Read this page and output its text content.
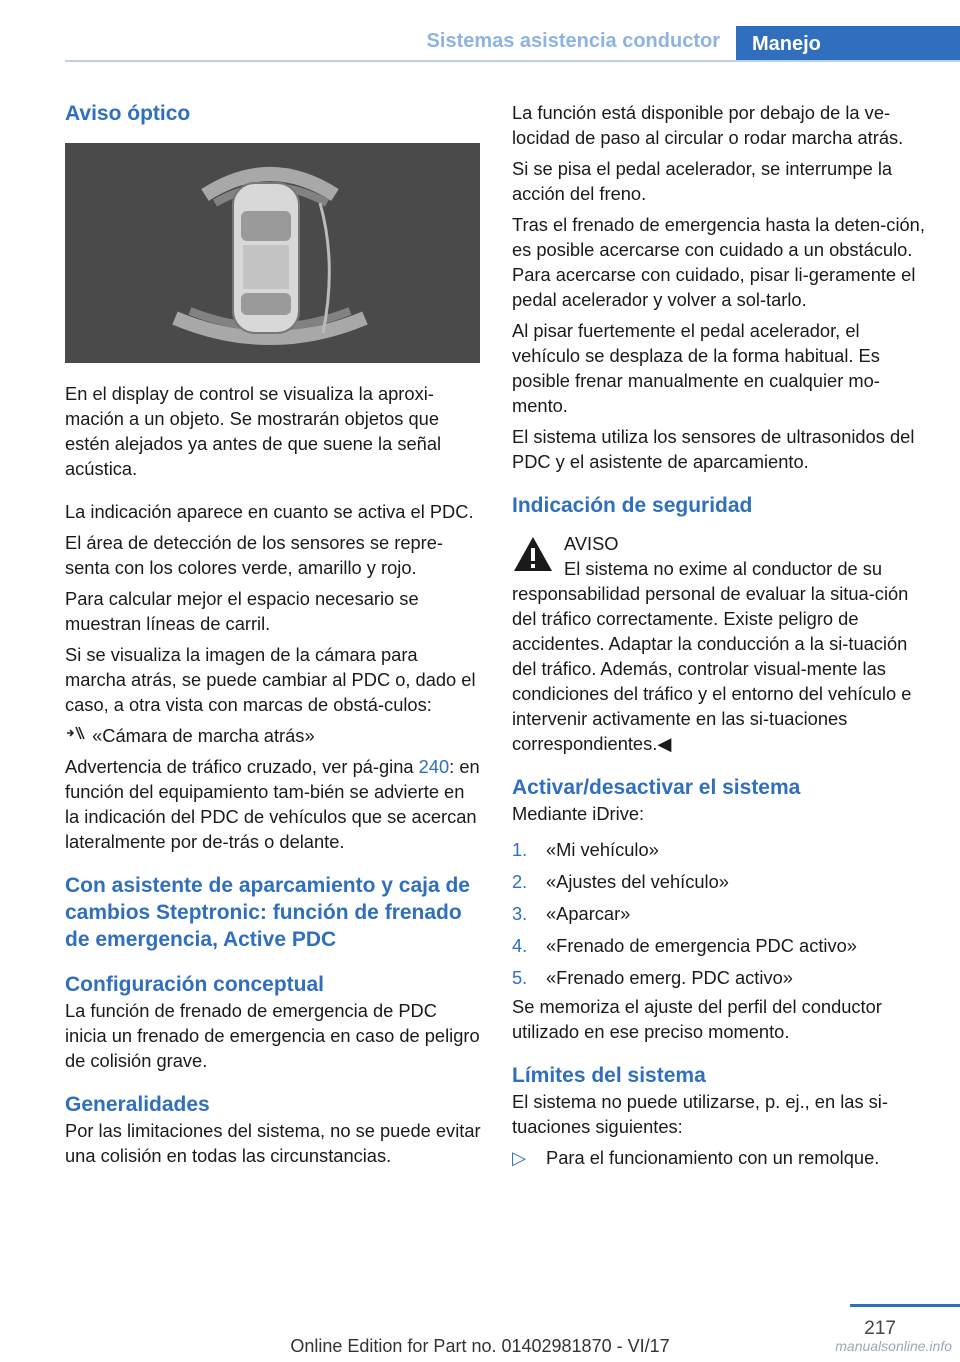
Sistemas asistencia conductor	Manejo
Aviso óptico

En el display de control se visualiza la aproxi-mación a un objeto. Se mostrarán objetos que estén alejados ya antes de que suene la señal acústica.

La indicación aparece en cuanto se activa el PDC.

El área de detección de los sensores se repre-senta con los colores verde, amarillo y rojo.

Para calcular mejor el espacio necesario se muestran líneas de carril.

Si se visualiza la imagen de la cámara para marcha atrás, se puede cambiar al PDC o, dado el caso, a otra vista con marcas de obstá-culos:

«Cámara de marcha atrás»

Advertencia de tráfico cruzado, ver pá-gina 240: en función del equipamiento tam-bién se advierte en la indicación del PDC de vehículos que se acercan lateralmente por de-trás o delante.

Con asistente de aparcamiento y caja de cambios Steptronic: función de frenado de emergencia, Active PDC
Configuración conceptual

La función de frenado de emergencia de PDC inicia un frenado de emergencia en caso de peligro de colisión grave.

Generalidades

Por las limitaciones del sistema, no se puede evitar una colisión en todas las circunstancias.

La función está disponible por debajo de la ve-locidad de paso al circular o rodar marcha atrás.

Si se pisa el pedal acelerador, se interrumpe la acción del freno.

Tras el frenado de emergencia hasta la deten-ción, es posible acercarse con cuidado a un obstáculo. Para acercarse con cuidado, pisar li-geramente el pedal acelerador y volver a sol-tarlo.

Al pisar fuertemente el pedal acelerador, el vehículo se desplaza de la forma habitual. Es posible frenar manualmente en cualquier mo-mento.

El sistema utiliza los sensores de ultrasonidos del PDC y el asistente de aparcamiento.

Indicación de seguridad

AVISO

El sistema no exime al conductor de su responsabilidad personal de evaluar la situa-ción del tráfico correctamente. Existe peligro de accidentes. Adaptar la conducción a la si-tuación del tráfico. Además, controlar visual-mente las condiciones del tráfico y el entorno del vehículo e intervenir activamente en las si-tuaciones correspondientes.◀

Activar/desactivar el sistema

Mediante iDrive:

1. «Mi vehículo»
2. «Ajustes del vehículo»
3. «Aparcar»
4. «Frenado de emergencia PDC activo»
5. «Frenado emerg. PDC activo»

Se memoriza el ajuste del perfil del conductor utilizado en ese preciso momento.

Límites del sistema

El sistema no puede utilizarse, p. ej., en las si-tuaciones siguientes:

▷ Para el funcionamiento con un remolque.
217
Online Edition for Part no. 01402981870 - VI/17	manualsonline.info
